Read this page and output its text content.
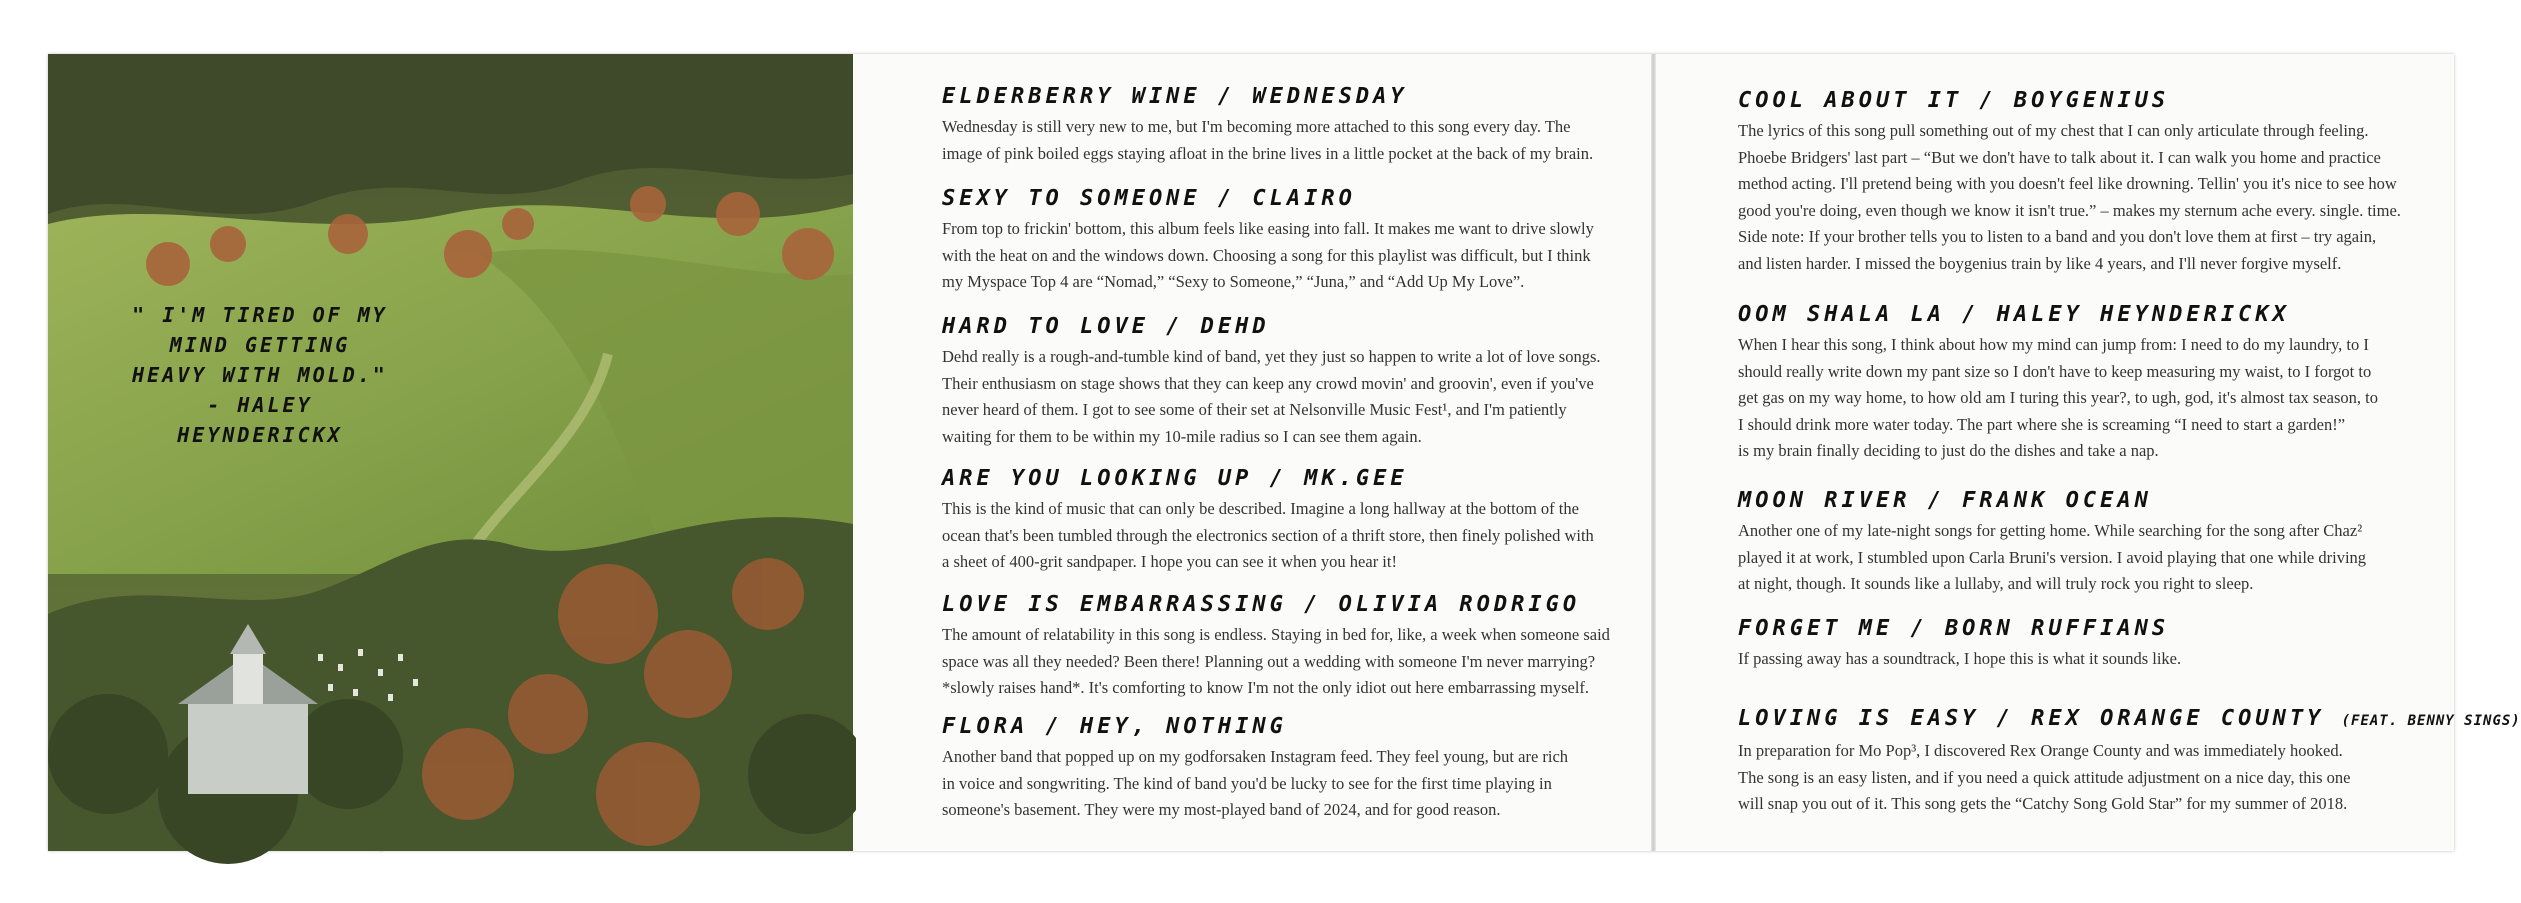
" I'M TIRED OF MY
MIND GETTING
HEAVY WITH MOLD."
- HALEY
HEYNDERICKX
ELDERBERRY WINE / WEDNESDAY
Wednesday is still very new to me, but I'm becoming more attached to this song every day. The
image of pink boiled eggs staying afloat in the brine lives in a little pocket at the back of my brain.
SEXY TO SOMEONE / CLAIRO
From top to frickin' bottom, this album feels like easing into fall. It makes me want to drive slowly
with the heat on and the windows down. Choosing a song for this playlist was difficult, but I think
my Myspace Top 4 are “Nomad,” “Sexy to Someone,” “Juna,” and “Add Up My Love”.
HARD TO LOVE / DEHD
Dehd really is a rough-and-tumble kind of band, yet they just so happen to write a lot of love songs.
Their enthusiasm on stage shows that they can keep any crowd movin' and groovin', even if you've
never heard of them. I got to see some of their set at Nelsonville Music Fest¹, and I'm patiently
waiting for them to be within my 10-mile radius so I can see them again.
ARE YOU LOOKING UP / MK.GEE
This is the kind of music that can only be described. Imagine a long hallway at the bottom of the
ocean that's been tumbled through the electronics section of a thrift store, then finely polished with
a sheet of 400-grit sandpaper. I hope you can see it when you hear it!
LOVE IS EMBARRASSING / OLIVIA RODRIGO
The amount of relatability in this song is endless. Staying in bed for, like, a week when someone said
space was all they needed? Been there! Planning out a wedding with someone I'm never marrying?
*slowly raises hand*. It's comforting to know I'm not the only idiot out here embarrassing myself.
FLORA / HEY, NOTHING
Another band that popped up on my godforsaken Instagram feed. They feel young, but are rich
in voice and songwriting. The kind of band you'd be lucky to see for the first time playing in
someone's basement. They were my most-played band of 2024, and for good reason.
COOL ABOUT IT / BOYGENIUS
The lyrics of this song pull something out of my chest that I can only articulate through feeling.
Phoebe Bridgers' last part – “But we don't have to talk about it. I can walk you home and practice
method acting. I'll pretend being with you doesn't feel like drowning. Tellin' you it's nice to see how
good you're doing, even though we know it isn't true.” – makes my sternum ache every. single. time.
Side note: If your brother tells you to listen to a band and you don't love them at first – try again,
and listen harder. I missed the boygenius train by like 4 years, and I'll never forgive myself.
OOM SHALA LA / HALEY HEYNDERICKX
When I hear this song, I think about how my mind can jump from: I need to do my laundry, to I
should really write down my pant size so I don't have to keep measuring my waist, to I forgot to
get gas on my way home, to how old am I turing this year?, to ugh, god, it's almost tax season, to
I should drink more water today. The part where she is screaming “I need to start a garden!”
is my brain finally deciding to just do the dishes and take a nap.
MOON RIVER / FRANK OCEAN
Another one of my late-night songs for getting home. While searching for the song after Chaz²
played it at work, I stumbled upon Carla Bruni's version. I avoid playing that one while driving
at night, though. It sounds like a lullaby, and will truly rock you right to sleep.
FORGET ME / BORN RUFFIANS
If passing away has a soundtrack, I hope this is what it sounds like.
LOVING IS EASY / REX ORANGE COUNTY (FEAT. BENNY SINGS)
In preparation for Mo Pop³, I discovered Rex Orange County and was immediately hooked.
The song is an easy listen, and if you need a quick attitude adjustment on a nice day, this one
will snap you out of it. This song gets the “Catchy Song Gold Star” for my summer of 2018.
